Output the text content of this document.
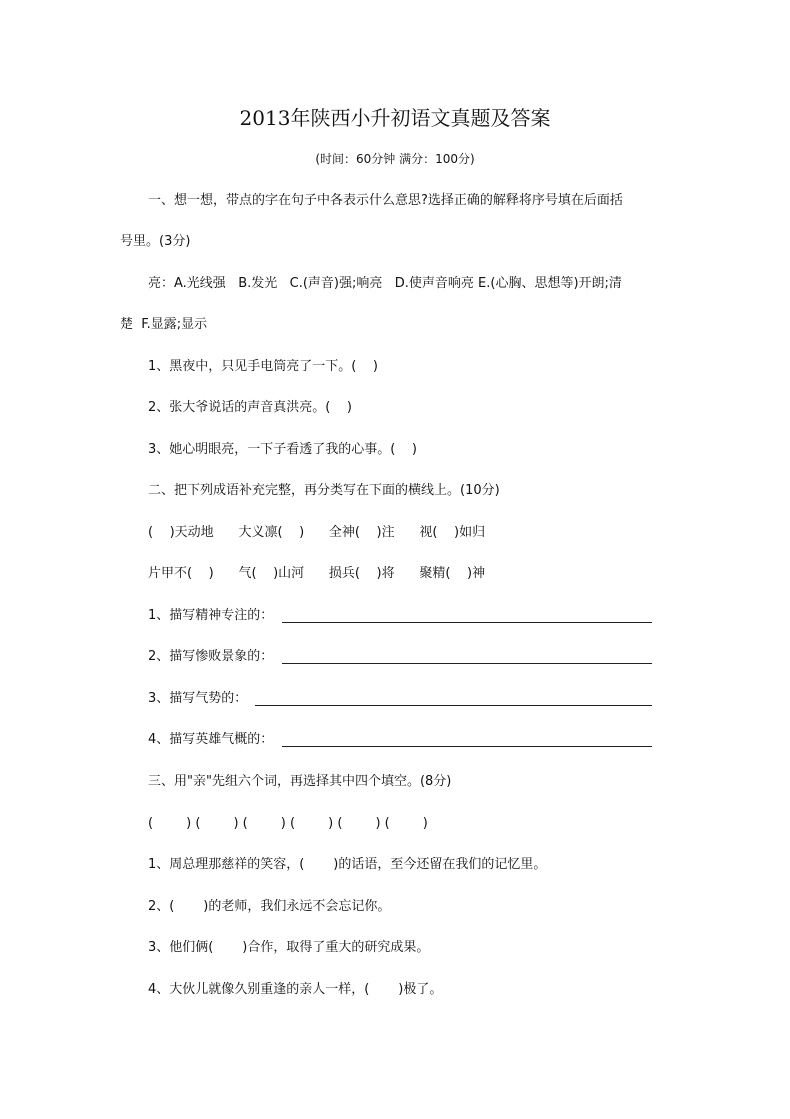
2013年陕西小升初语文真题及答案
(时间：60分钟 满分：100分)
一、想一想，带点的字在句子中各表示什么意思?选择正确的解释将序号填在后面括
号里。(3分)
亮：A.光线强   B.发光   C.(声音)强;响亮   D.使声音响亮 E.(心胸、思想等)开朗;清
楚  F.显露;显示
1、黑夜中，只见手电筒亮了一下。(    )
2、张大爷说话的声音真洪亮。(    )
3、她心明眼亮，一下子看透了我的心事。(    )
二、把下列成语补充完整，再分类写在下面的横线上。(10分)
(    )天动地      大义凛(    )      全神(    )注      视(    )如归
片甲不(    )      气(    )山河      损兵(    )将      聚精(    )神
1、描写精神专注的：
2、描写惨败景象的：
3、描写气势的：
4、描写英雄气概的：
三、用"亲"先组六个词，再选择其中四个填空。(8分)
(        ) (        ) (        ) (        ) (        ) (        )
1、周总理那慈祥的笑容，(       )的话语，至今还留在我们的记忆里。
2、(       )的老师，我们永远不会忘记你。
3、他们俩(       )合作，取得了重大的研究成果。
4、大伙儿就像久别重逢的亲人一样，(       )极了。
